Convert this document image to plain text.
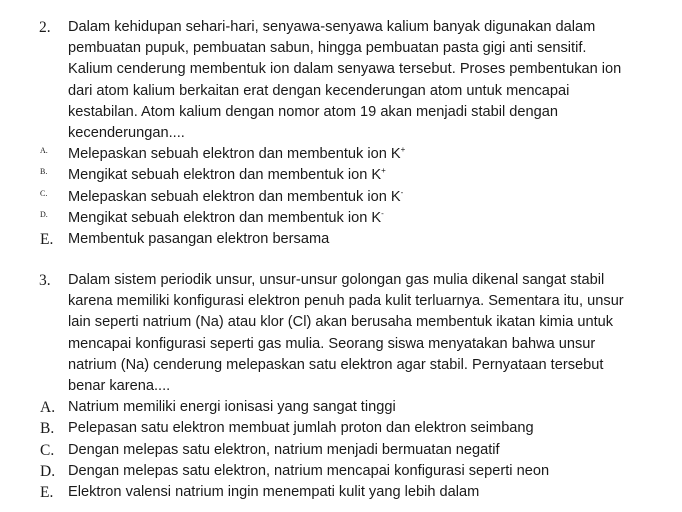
2. Dalam kehidupan sehari-hari, senyawa-senyawa kalium banyak digunakan dalam
pembuatan pupuk, pembuatan sabun, hingga pembuatan pasta gigi anti sensitif.
Kalium cenderung membentuk ion dalam senyawa tersebut. Proses pembentukan ion
dari atom kalium berkaitan erat dengan kecenderungan atom untuk mencapai
kestabilan. Atom kalium dengan nomor atom 19 akan menjadi stabil dengan
kecenderungan....
A. Melepaskan sebuah elektron dan membentuk ion K+
B. Mengikat sebuah elektron dan membentuk ion K+
C. Melepaskan sebuah elektron dan membentuk ion K-
D. Mengikat sebuah elektron dan membentuk ion K-
E. Membentuk pasangan elektron bersama
3. Dalam sistem periodik unsur, unsur-unsur golongan gas mulia dikenal sangat stabil
karena memiliki konfigurasi elektron penuh pada kulit terluarnya. Sementara itu, unsur
lain seperti natrium (Na) atau klor (Cl) akan berusaha membentuk ikatan kimia untuk
mencapai konfigurasi seperti gas mulia. Seorang siswa menyatakan bahwa unsur
natrium (Na) cenderung melepaskan satu elektron agar stabil. Pernyataan tersebut
benar karena....
A. Natrium memiliki energi ionisasi yang sangat tinggi
B. Pelepasan satu elektron membuat jumlah proton dan elektron seimbang
C. Dengan melepas satu elektron, natrium menjadi bermuatan negatif
D. Dengan melepas satu elektron, natrium mencapai konfigurasi seperti neon
E. Elektron valensi natrium ingin menempati kulit yang lebih dalam
